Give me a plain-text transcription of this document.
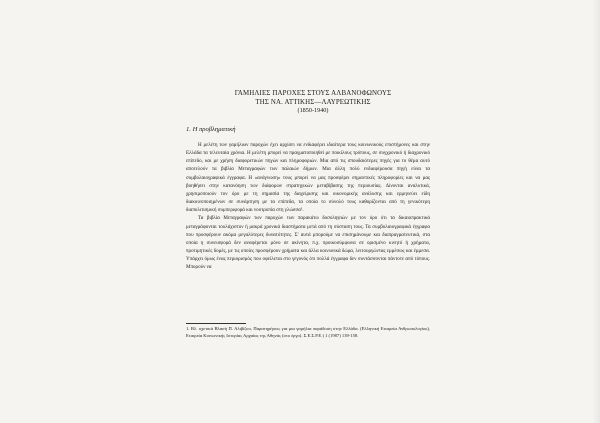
ΓΑΜΗΛΙΕΣ ΠΑΡΟΧΕΣ ΣΤΟΥΣ ΑΛΒΑΝΟΦΩΝΟΥΣ
ΤΗΣ ΝΑ. ΑΤΤΙΚΗΣ—ΛΑΥΡΕΩΤΙΚΗΣ
(1850-1940)
1. Η προβληματική

Η μελέτη των γαμήλιων παροχών έχει αρχίσει να ενδιαφέρει ιδιαίτερα τους κοινωνικούς επιστήμονες και στην Ελλάδα τα τελευταία χρόνια. Η μελέτη μπορεί να πραγματοποιηθεί με ποικίλους τρόπους, σε συγχρονικό ή διαχρονικό επίπεδο, και με χρήση διαφορετικών πηγών και πληροφοριών. Μια από τις σπουδαιότερες πηγές για το θέμα αυτό αποτελούν τα βιβλία Μεταγραφών των παλαιών δήμων. Μια άλλη πολύ ενδιαφέρουσα πηγή είναι τα συμβολαιογραφικά έγγραφα. Η «ανάγνωση» τους μπορεί να μας προσφέρει σημαντικές πληροφορίες και να μας βοηθήσει στην κατανόηση των διάφορων στρατηγικών μεταβίβασης της περιουσίας. Δίνονται αναλυτικά, χρησιμοποιούν τον όρο με τη σημασία της διαχείρισης και οικονομικής ανάλυσης και ερμηνεύει είδη διακοινοποιημένων σε συνάρτηση με τα επίπεδα, τα οποία το σύνολό τους καθορίζονται από τη γενικότερη διαπολιτισμική συμπεριφορά και νοοτροπία στη γλώσσα¹.

Τα βιβλία Μεταγραφών των παροχών των παρακάτω δοσοληψιών με τον όρο ότι τα δικαιοπρακτικά μεταγράφονται τουλάχιστον ή μακρά χρονικά διαστήματα μετά από τη σύσταση τους. Τα συμβολαιογραφικά έγγραφα που προσφέρουν ακόμα μεγαλύτερες δυνατότητες. Σ' αυτά μπορούμε να επισημάνουμε και διαπραγματευτικά, στα οποία η συνεισφορά δεν αναφέρεται μόνο σε ακίνητα, π.χ. προικοσύμφωνα σε ορισμένο κινητό ή χρήματα, προτιμητικές δομές, με τις οποίες προσφέρουν χρήματα και άλλα κοινωνικά δώρα, λειτουργώντας εμμέσως και έμμεσα. Υπάρχει όμως ένας περιορισμός που οφείλεται στο γεγονός ότι πολλά έγγραφα δεν συντάσσονται πάντοτε από τόπους. Μπορούν να

1. Βλ. σχετικά Βλασή Π. Αλιβίζου, Παρατηρήσεις για μια γαμήλια παράδοση στην Ελλάδα. (Ελληνική Εταιρεία Ανθρωπολογίας), Εταιρεία Κοινωνικής Ιστορίας Αρχαίας της Αθηνάς (στο έργο). Σ.Ε.Σ.Ρ.Ε.) 1 (1987) 139-158.
